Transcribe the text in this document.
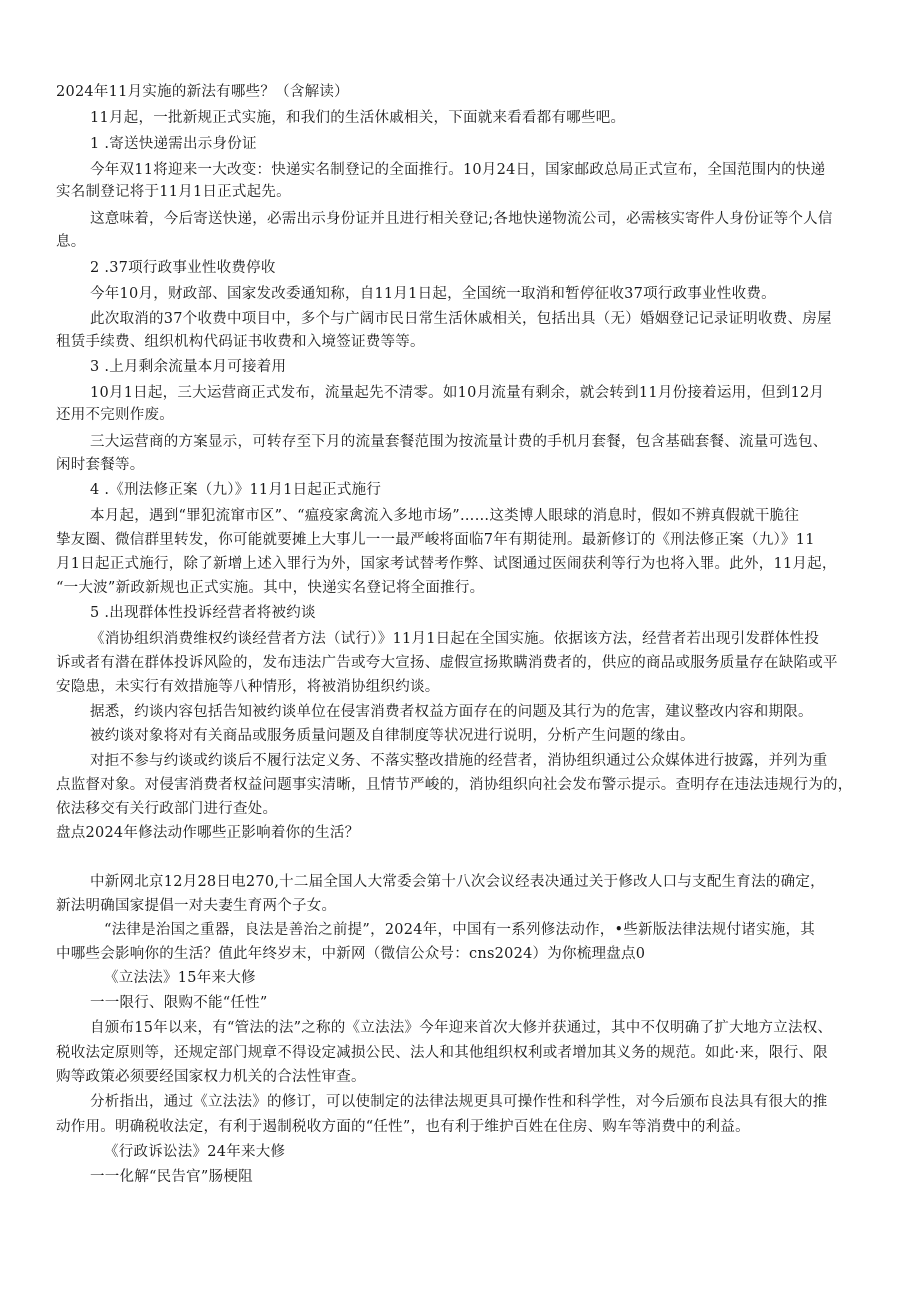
2024年11月实施的新法有哪些？（含解读）
11月起，一批新规正式实施，和我们的生活休戚相关，下面就来看看都有哪些吧。
1 .寄送快递需出示身份证
今年双11将迎来一大改变：快递实名制登记的全面推行。10月24日，国家邮政总局正式宣布，全国范围内的快递
实名制登记将于11月1日正式起先。
这意味着，今后寄送快递，必需出示身份证并且进行相关登记;各地快递物流公司，必需核实寄件人身份证等个人信
息。
2 .37项行政事业性收费停收
今年10月，财政部、国家发改委通知称，自11月1日起，全国统一取消和暂停征收37项行政事业性收费。
此次取消的37个收费中项目中，多个与广阔市民日常生活休戚相关，包括出具（无）婚姻登记记录证明收费、房屋
租赁手续费、组织机构代码证书收费和入境签证费等等。
3 .上月剩余流量本月可接着用
10月1日起，三大运营商正式发布，流量起先不清零。如10月流量有剩余，就会转到11月份接着运用，但到12月
还用不完则作废。
三大运营商的方案显示，可转存至下月的流量套餐范围为按流量计费的手机月套餐，包含基础套餐、流量可选包、
闲时套餐等。
4 .《刑法修正案（九）》11月1日起正式施行
本月起，遇到“罪犯流窜市区”、“瘟疫家禽流入多地市场”……这类博人眼球的消息时，假如不辨真假就干脆往
挚友圈、微信群里转发，你可能就要摊上大事儿一一最严峻将面临7年有期徒刑。最新修订的《刑法修正案（九）》11
月1日起正式施行，除了新增上述入罪行为外，国家考试替考作弊、试图通过医闹获利等行为也将入罪。此外，11月起，
“一大波”新政新规也正式实施。其中，快递实名登记将全面推行。
5 .出现群体性投诉经营者将被约谈
《消协组织消费维权约谈经营者方法（试行）》11月1日起在全国实施。依据该方法，经营者若出现引发群体性投
诉或者有潜在群体投诉风险的，发布违法广告或夸大宣扬、虚假宣扬欺瞒消费者的，供应的商品或服务质量存在缺陷或平
安隐患，未实行有效措施等八种情形，将被消协组织约谈。
据悉，约谈内容包括告知被约谈单位在侵害消费者权益方面存在的问题及其行为的危害，建议整改内容和期限。
被约谈对象将对有关商品或服务质量问题及自律制度等状况进行说明，分析产生问题的缘由。
对拒不参与约谈或约谈后不履行法定义务、不落实整改措施的经营者，消协组织通过公众媒体进行披露，并列为重
点监督对象。对侵害消费者权益问题事实清晰，且情节严峻的，消协组织向社会发布警示提示。查明存在违法违规行为的，
依法移交有关行政部门进行查处。
盘点2024年修法动作哪些正影响着你的生活？
中新网北京12月28日电270,十二届全国人大常委会第十八次会议经表决通过关于修改人口与支配生育法的确定，
新法明确国家提倡一对夫妻生育两个子女。
“法律是治国之重器，良法是善治之前提”，2024年，中国有一系列修法动作，•些新版法律法规付诸实施，其
中哪些会影响你的生活？值此年终岁末，中新网（微信公众号：cns2024）为你梳理盘点0
《立法法》15年来大修
一一限行、限购不能“任性”
自颁布15年以来，有“管法的法”之称的《立法法》今年迎来首次大修并获通过，其中不仅明确了扩大地方立法权、
税收法定原则等，还规定部门规章不得设定减损公民、法人和其他组织权利或者增加其义务的规范。如此·来，限行、限
购等政策必须要经国家权力机关的合法性审查。
分析指出，通过《立法法》的修订，可以使制定的法律法规更具可操作性和科学性，对今后颁布良法具有很大的推
动作用。明确税收法定，有利于遏制税收方面的“任性”，也有利于维护百姓在住房、购车等消费中的利益。
《行政诉讼法》24年来大修
一一化解“民告官”肠梗阻
